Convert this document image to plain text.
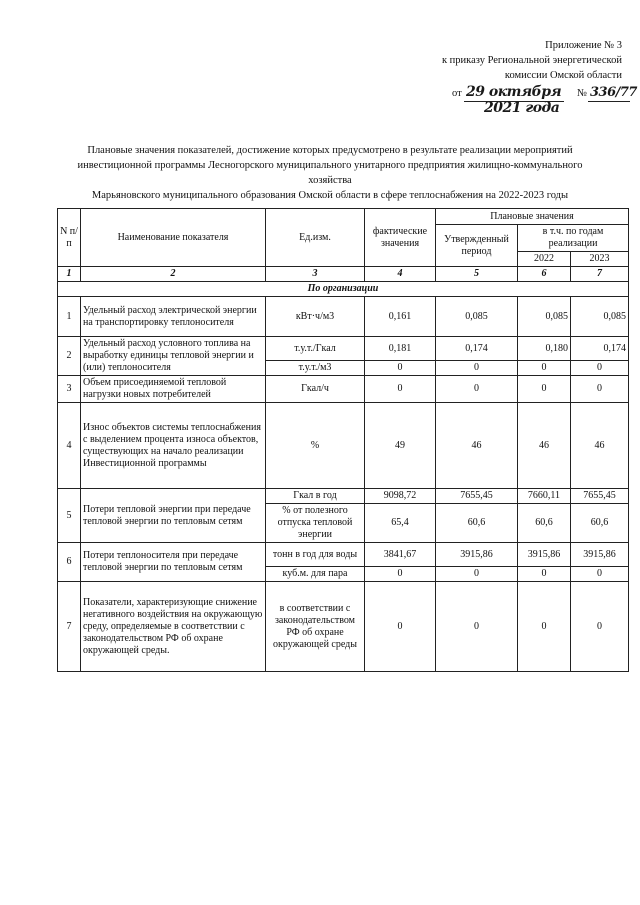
Приложение № 3
к приказу Региональной энергетической
комиссии Омской области
от 29 октября № 336/77
2021 года
Плановые значения показателей, достижение которых предусмотрено в результате реализации мероприятий
инвестиционной программы Лесногорского муниципального унитарного предприятия жилищно-коммунального хозяйства
Марьяновского муниципального образования Омской области в сфере теплоснабжения на 2022-2023 годы
N п/п	Наименование показателя	Ед.изм.	фактические значения	Плановые значения		
				Утвержденный период	в т.ч. по годам реализации	
					2022	2023
1	2	3	4	5	6	7
По организации						
1	Удельный расход электрической энергии на транспортировку теплоносителя	кВт·ч/м3	0,161	0,085	0,085	0,085
2	Удельный расход условного топлива на выработку единицы тепловой энергии и (или) теплоносителя	т.у.т./Гкал	0,181	0,174	0,180	0,174
		т.у.т./м3	0	0	0	0
3	Объем присоединяемой тепловой нагрузки новых потребителей	Гкал/ч	0	0	0	0
4	Износ объектов системы теплоснабжения с выделением процента износа объектов, существующих на начало реализации Инвестиционной программы	%	49	46	46	46
5	Потери тепловой энергии при передаче тепловой энергии по тепловым сетям	Гкал в год	9098,72	7655,45	7660,11	7655,45
		% от полезного отпуска тепловой энергии	65,4	60,6	60,6	60,6
6	Потери теплоносителя при передаче тепловой энергии по тепловым сетям	тонн в год для воды	3841,67	3915,86	3915,86	3915,86
		куб.м. для пара	0	0	0	0
7	Показатели, характеризующие снижение негативного воздействия на окружающую среду, определяемые в соответствии с законодательством РФ об охране окружающей среды.	в соответствии с законодательством РФ об охране окружающей среды	0	0	0	0
